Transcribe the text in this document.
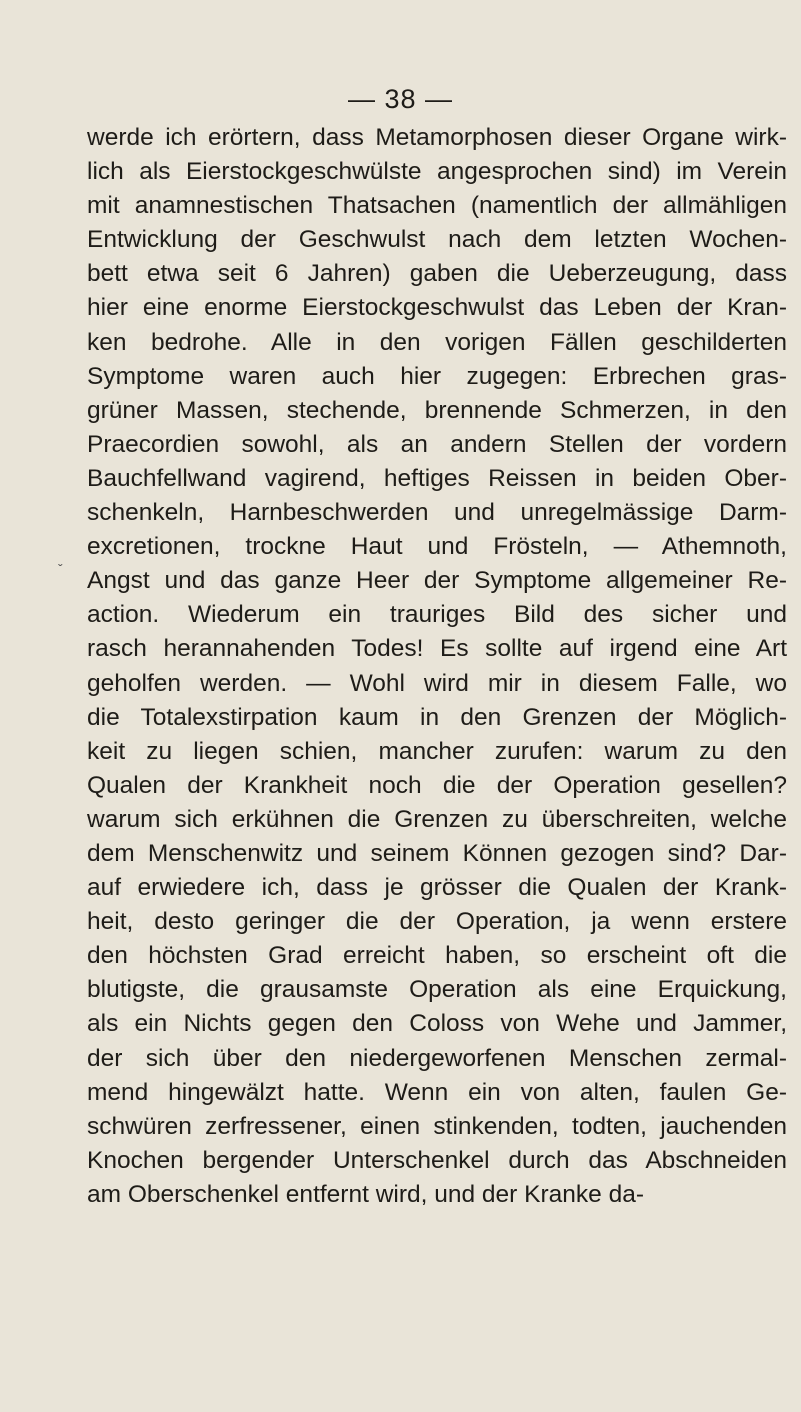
— 38 —
ˇ
werde ich erörtern, dass Metamorphosen dieser Organe wirk-
lich als Eierstockgeschwülste angesprochen sind) im Verein
mit anamnestischen Thatsachen (namentlich der allmähligen
Entwicklung der Geschwulst nach dem letzten Wochen-
bett etwa seit 6 Jahren) gaben die Ueberzeugung, dass
hier eine enorme Eierstockgeschwulst das Leben der Kran-
ken bedrohe. Alle in den vorigen Fällen geschilderten
Symptome waren auch hier zugegen: Erbrechen gras-
grüner Massen, stechende, brennende Schmerzen, in den
Praecordien sowohl, als an andern Stellen der vordern
Bauchfellwand vagirend, heftiges Reissen in beiden Ober-
schenkeln, Harnbeschwerden und unregelmässige Darm-
excretionen, trockne Haut und Frösteln, — Athemnoth,
Angst und das ganze Heer der Symptome allgemeiner Re-
action. Wiederum ein trauriges Bild des sicher und
rasch herannahenden Todes! Es sollte auf irgend eine Art
geholfen werden. — Wohl wird mir in diesem Falle, wo
die Totalexstirpation kaum in den Grenzen der Möglich-
keit zu liegen schien, mancher zurufen: warum zu den
Qualen der Krankheit noch die der Operation gesellen?
warum sich erkühnen die Grenzen zu überschreiten, welche
dem Menschenwitz und seinem Können gezogen sind? Dar-
auf erwiedere ich, dass je grösser die Qualen der Krank-
heit, desto geringer die der Operation, ja wenn erstere
den höchsten Grad erreicht haben, so erscheint oft die
blutigste, die grausamste Operation als eine Erquickung,
als ein Nichts gegen den Coloss von Wehe und Jammer,
der sich über den niedergeworfenen Menschen zermal-
mend hingewälzt hatte. Wenn ein von alten, faulen Ge-
schwüren zerfressener, einen stinkenden, todten, jauchenden
Knochen bergender Unterschenkel durch das Abschneiden
am Oberschenkel entfernt wird, und der Kranke da-
